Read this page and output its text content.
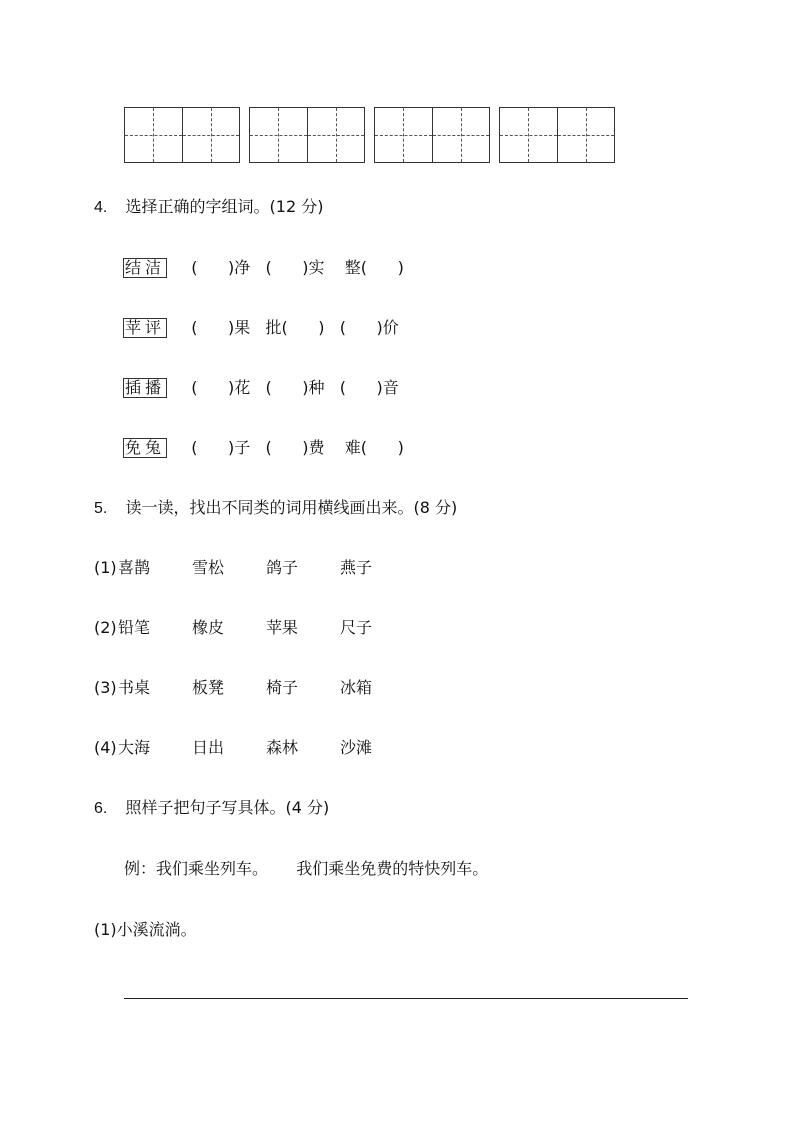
4. 选择正确的字组词。(12 分)
结洁 (      )净   (      )实    整(      )
苹评 (      )果   批(      )   (      )价
插播 (      )花   (      )种   (      )音
免兔 (      )子   (      )费    难(      )
5. 读一读，找出不同类的词用横线画出来。(8 分)
(1) 喜鹊	雪松	鸽子	燕子
(2) 铅笔	橡皮	苹果	尺子
(3) 书桌	板凳	椅子	冰箱
(4) 大海	日出	森林	沙滩
6. 照样子把句子写具体。(4 分)
例：我们乘坐列车。 我们乘坐免费的特快列车。
(1)小溪流淌。
